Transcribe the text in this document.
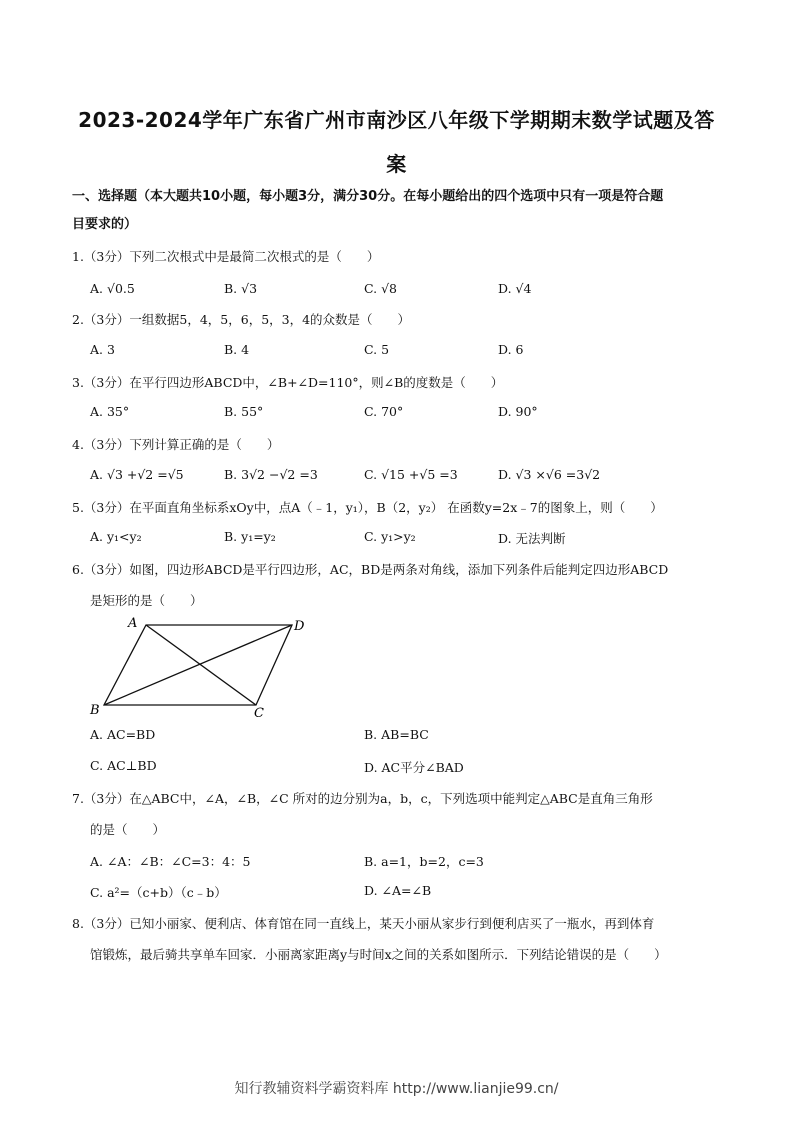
2023-2024学年广东省广州市南沙区八年级下学期期末数学试题及答
案
一、选择题（本大题共10小题，每小题3分，满分30分。在每小题给出的四个选项中只有一项是符合题
目要求的）
1.（3分）下列二次根式中是最简二次根式的是（　　）
A. √0.5	B. √3	C. √8	D. √4
2.（3分）一组数据5，4，5，6，5，3，4的众数是（　　）
A. 3	B. 4	C. 5	D. 6
3.（3分）在平行四边形ABCD中，∠B+∠D=110°，则∠B的度数是（　　）
A. 35°	B. 55°	C. 70°	D. 90°
4.（3分）下列计算正确的是（　　）
A. √3 +√2 =√5	B. 3√2 −√2 =3	C. √15 +√5 =3	D. √3 ×√6 =3√2
5.（3分）在平面直角坐标系xOy中，点A（﹣1，y₁），B（2，y₂） 在函数y=2x﹣7的图象上，则（　　）
A. y₁<y₂	B. y₁=y₂	C. y₁>y₂	D. 无法判断
6.（3分）如图，四边形ABCD是平行四边形，AC，BD是两条对角线，添加下列条件后能判定四边形ABCD
是矩形的是（　　）
A	D
B	C
A. AC=BD	B. AB=BC
C. AC⊥BD	D. AC平分∠BAD
7.（3分）在△ABC中，∠A，∠B，∠C 所对的边分别为a，b，c，下列选项中能判定△ABC是直角三角形
的是（　　）
A. ∠A：∠B：∠C=3：4：5	B. a=1，b=2，c=3
C. a²=（c+b）（c﹣b）	D. ∠A=∠B
8.（3分）已知小丽家、便利店、体育馆在同一直线上，某天小丽从家步行到便利店买了一瓶水，再到体育
馆锻炼，最后骑共享单车回家．小丽离家距离y与时间x之间的关系如图所示．下列结论错误的是（　　）
知行教辅资料学霸资料库 http://www.lianjie99.cn/
